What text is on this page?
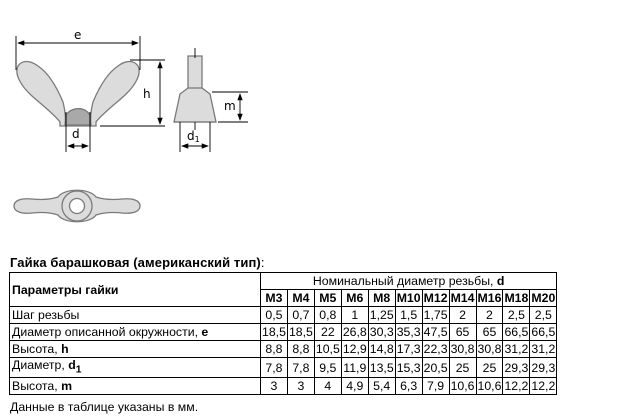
e
h
d
m
d1
Гайка барашковая (американский тип):
Параметры гайки	Номинальный диаметр резьбы, d										
	M3	M4	M5	M6	M8	M10	M12	M14	M16	M18	M20
Шаг резьбы	0,5	0,7	0,8	1	1,25	1,5	1,75	2	2	2,5	2,5
Диаметр описанной окружности, e	18,5	18,5	22	26,8	30,3	35,3	47,5	65	65	66,5	66,5
Высота, h	8,8	8,8	10,5	12,9	14,8	17,3	22,3	30,8	30,8	31,2	31,2
Диаметр, $d_1$	7,8	7,8	9,5	11,9	13,5	15,3	20,5	25	25	29,3	29,3
Высота, m	3	3	4	4,9	5,4	6,3	7,9	10,6	10,6	12,2	12,2
Данные в таблице указаны в мм.
